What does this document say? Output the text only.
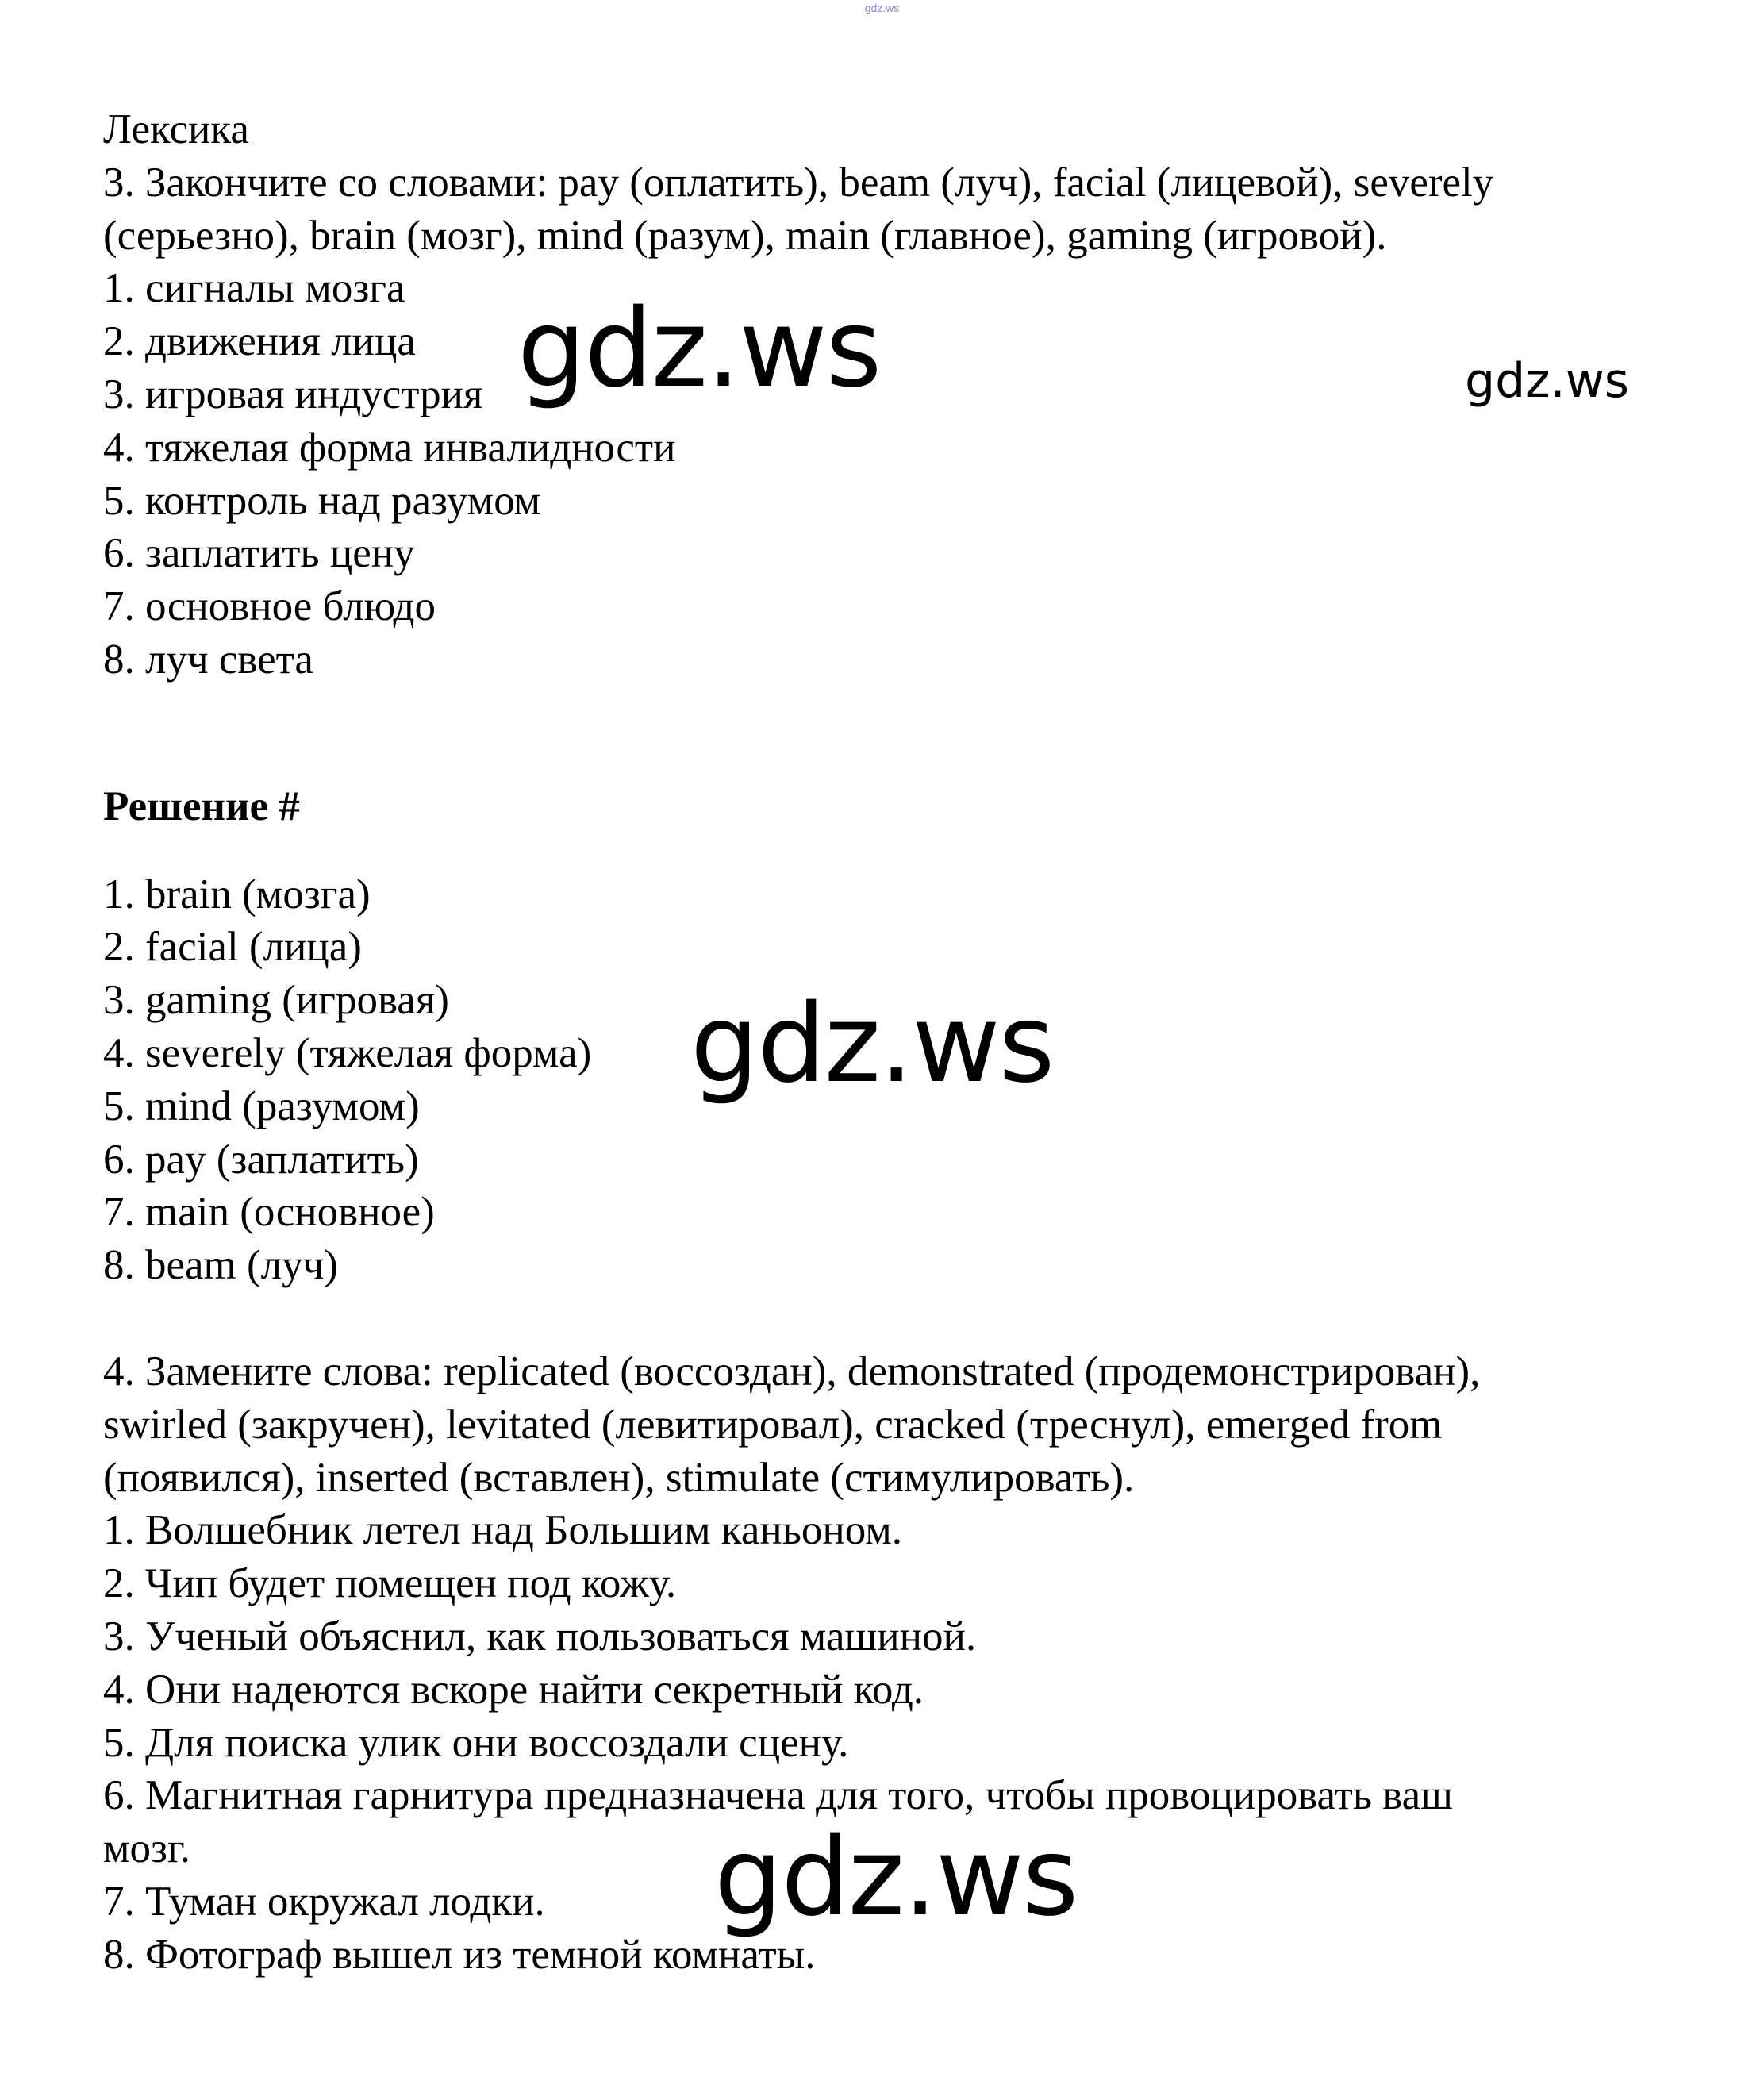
gdz.ws
Лексика
3. Закончите со словами: pay (оплатить), beam (луч), facial (лицевой), severely
(серьезно), brain (мозг), mind (разум), main (главное), gaming (игровой).
1. сигналы мозга
2. движения лица
3. игровая индустрия
4. тяжелая форма инвалидности
5. контроль над разумом
6. заплатить цену
7. основное блюдо
8. луч света
Решение #
1. brain (мозга)
2. facial (лица)
3. gaming (игровая)
4. severely (тяжелая форма)
5. mind (разумом)
6. pay (заплатить)
7. main (основное)
8. beam (луч)
4. Замените слова: replicated (воссоздан), demonstrated (продемонстрирован),
swirled (закручен), levitated (левитировал), cracked (треснул), emerged from
(появился), inserted (вставлен), stimulate (стимулировать).
1. Волшебник летел над Большим каньоном.
2. Чип будет помещен под кожу.
3. Ученый объяснил, как пользоваться машиной.
4. Они надеются вскоре найти секретный код.
5. Для поиска улик они воссоздали сцену.
6. Магнитная гарнитура предназначена для того, чтобы провоцировать ваш
мозг.
7. Туман окружал лодки.
8. Фотограф вышел из темной комнаты.
gdz.ws	gdz.ws
gdz.ws
gdz.ws
